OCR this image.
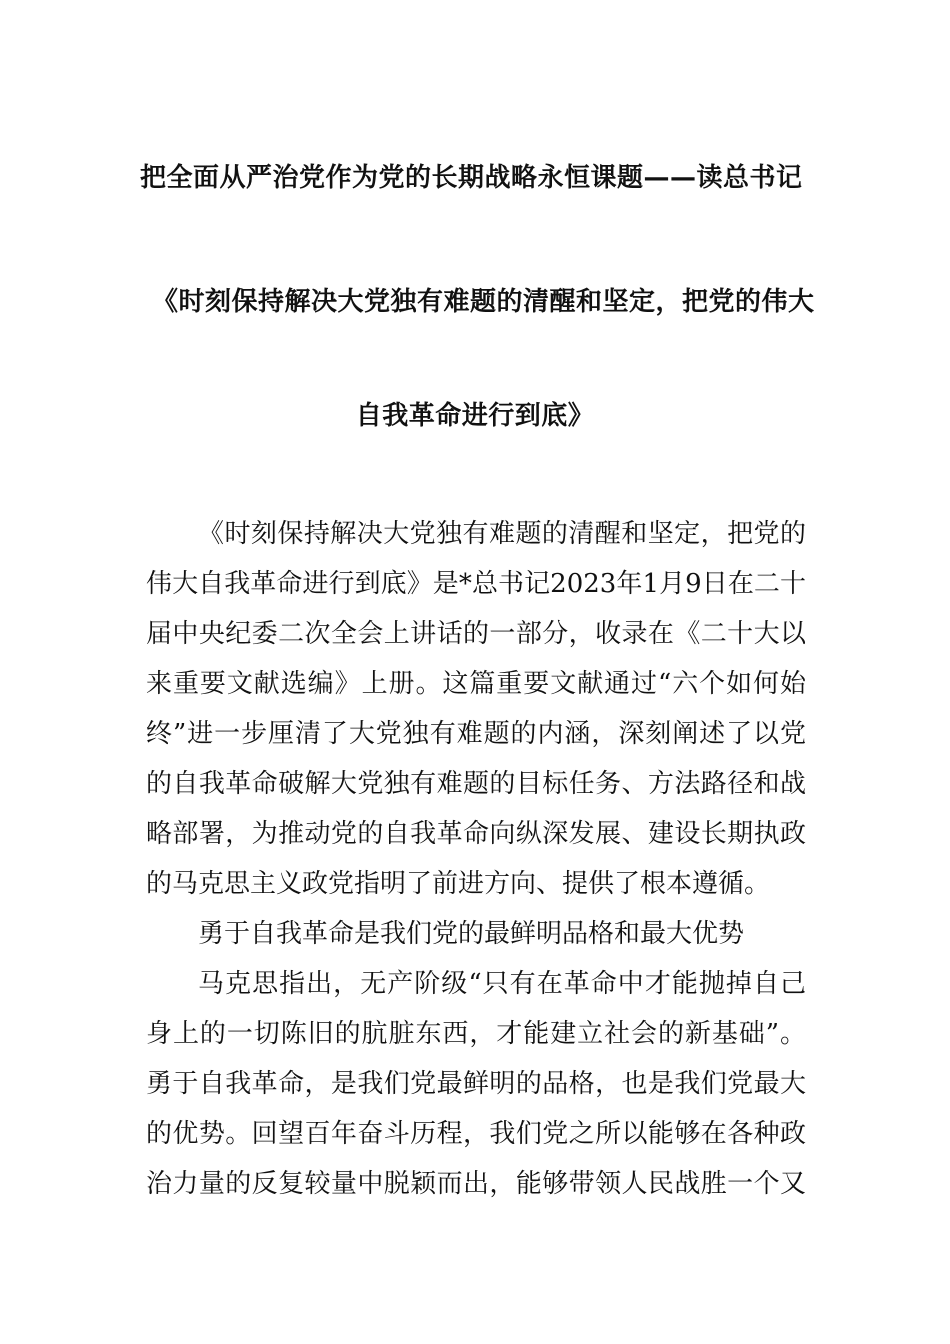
把全面从严治党作为党的长期战略永恒课题——读总书记
《时刻保持解决大党独有难题的清醒和坚定，把党的伟大
自我革命进行到底》
《时刻保持解决大党独有难题的清醒和坚定，把党的
伟大自我革命进行到底》是*总书记2023年1月9日在二十
届中央纪委二次全会上讲话的一部分，收录在《二十大以
来重要文献选编》上册。这篇重要文献通过“六个如何始
终”进一步厘清了大党独有难题的内涵，深刻阐述了以党
的自我革命破解大党独有难题的目标任务、方法路径和战
略部署，为推动党的自我革命向纵深发展、建设长期执政
的马克思主义政党指明了前进方向、提供了根本遵循。
勇于自我革命是我们党的最鲜明品格和最大优势
马克思指出，无产阶级“只有在革命中才能抛掉自己
身上的一切陈旧的肮脏东西，才能建立社会的新基础”。
勇于自我革命，是我们党最鲜明的品格，也是我们党最大
的优势。回望百年奋斗历程，我们党之所以能够在各种政
治力量的反复较量中脱颖而出，能够带领人民战胜一个又
